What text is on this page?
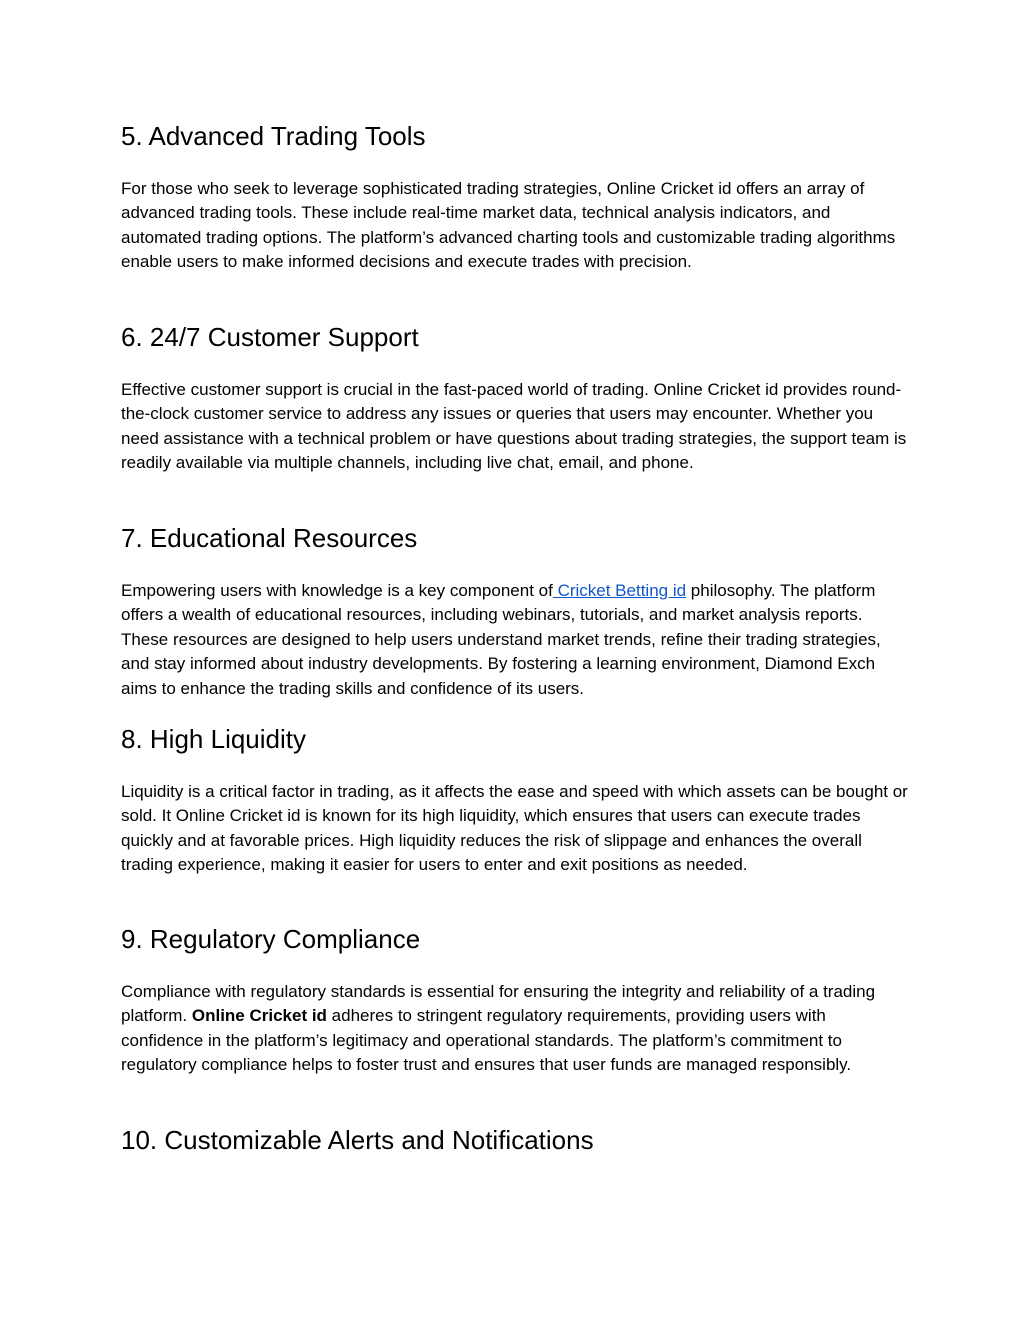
5. Advanced Trading Tools

For those who seek to leverage sophisticated trading strategies, Online Cricket id offers an array of advanced trading tools. These include real-time market data, technical analysis indicators, and automated trading options. The platform’s advanced charting tools and customizable trading algorithms enable users to make informed decisions and execute trades with precision.

6. 24/7 Customer Support

Effective customer support is crucial in the fast-paced world of trading. Online Cricket id provides round-the-clock customer service to address any issues or queries that users may encounter. Whether you need assistance with a technical problem or have questions about trading strategies, the support team is readily available via multiple channels, including live chat, email, and phone.

7. Educational Resources

Empowering users with knowledge is a key component of Cricket Betting id philosophy. The platform offers a wealth of educational resources, including webinars, tutorials, and market analysis reports. These resources are designed to help users understand market trends, refine their trading strategies, and stay informed about industry developments. By fostering a learning environment, Diamond Exch aims to enhance the trading skills and confidence of its users.

8. High Liquidity

Liquidity is a critical factor in trading, as it affects the ease and speed with which assets can be bought or sold. It Online Cricket id is known for its high liquidity, which ensures that users can execute trades quickly and at favorable prices. High liquidity reduces the risk of slippage and enhances the overall trading experience, making it easier for users to enter and exit positions as needed.

9. Regulatory Compliance

Compliance with regulatory standards is essential for ensuring the integrity and reliability of a trading platform. Online Cricket id adheres to stringent regulatory requirements, providing users with confidence in the platform’s legitimacy and operational standards. The platform’s commitment to regulatory compliance helps to foster trust and ensures that user funds are managed responsibly.

10. Customizable Alerts and Notifications
